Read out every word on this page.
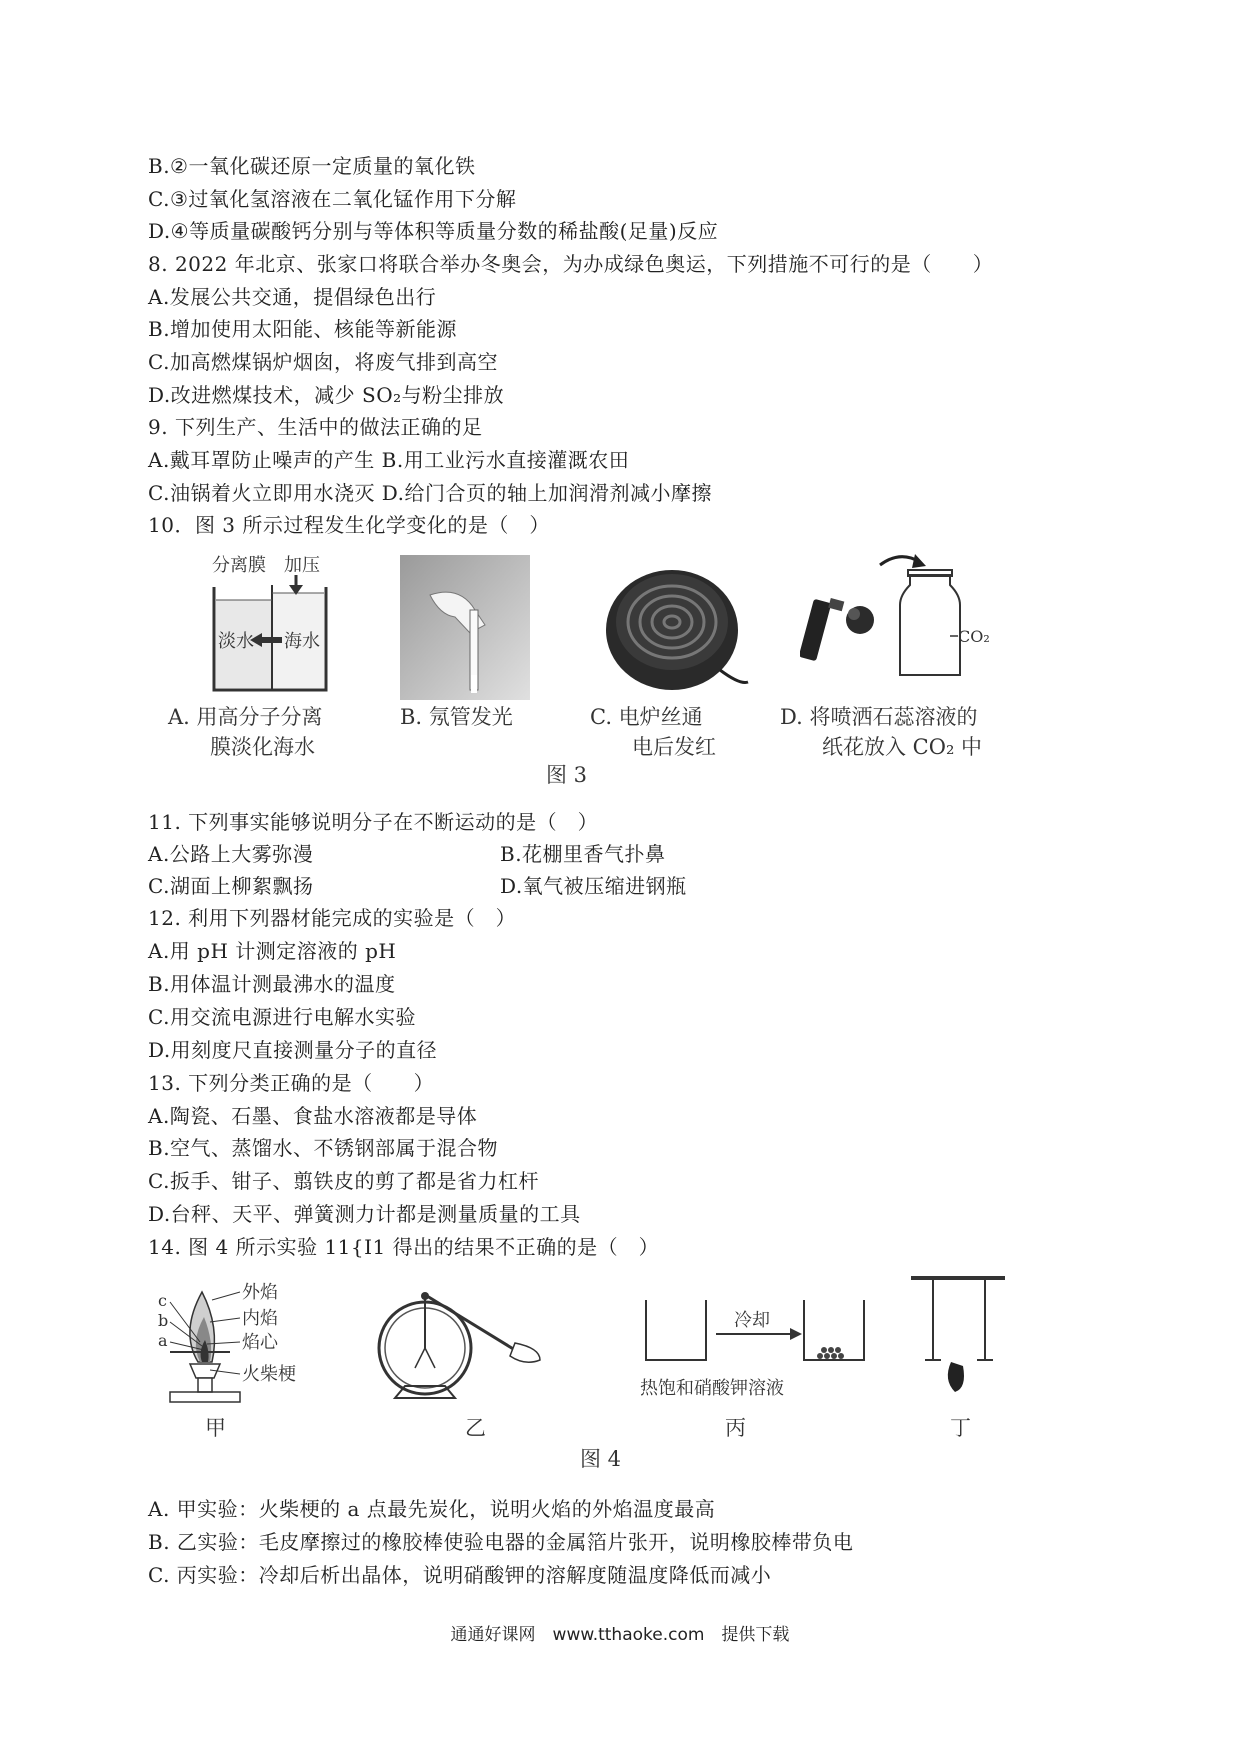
B.②一氧化碳还原一定质量的氧化铁
C.③过氧化氢溶液在二氧化锰作用下分解
D.④等质量碳酸钙分别与等体积等质量分数的稀盐酸(足量)反应
8. 2022 年北京、张家口将联合举办冬奥会，为办成绿色奥运，下列措施不可行的是（　　）
A.发展公共交通，提倡绿色出行
B.增加使用太阳能、核能等新能源
C.加高燃煤锅炉烟囱，将废气排到高空
D.改进燃煤技术，减少 SO₂与粉尘排放
9. 下列生产、生活中的做法正确的足
A.戴耳罩防止噪声的产生 B.用工业污水直接灌溉农田
C.油锅着火立即用水浇灭 D.给门合页的轴上加润滑剂减小摩擦
10．图 3 所示过程发生化学变化的是（　）
分离膜 加压
淡水 海水	CO₂
A. 用高分子分离
膜淡化海水
B. 氖管发光	C. 电炉丝通
电后发红
D. 将喷洒石蕊溶液的
纸花放入 CO₂ 中
图 3
11. 下列事实能够说明分子在不断运动的是（　）
A.公路上大雾弥漫	B.花棚里香气扑鼻
C.湖面上柳絮飘扬	D.氧气被压缩进钢瓶
12. 利用下列器材能完成的实验是（　）
A.用 pH 计测定溶液的 pH
B.用体温计测最沸水的温度
C.用交流电源进行电解水实验
D.用刻度尺直接测量分子的直径
13. 下列分类正确的是（　　）
A.陶瓷、石墨、食盐水溶液都是导体
B.空气、蒸馏水、不锈钢部属于混合物
C.扳手、钳子、翦铁皮的剪了都是省力杠杆
D.台秤、天平、弹簧测力计都是测量质量的工具
14. 图 4 所示实验 11{I1 得出的结果不正确的是（　）
c
b
a
外焰
内焰
焰心
火柴梗
冷却
热饱和硝酸钾溶液
甲	乙	丙	丁
图 4
A. 甲实验：火柴梗的 a 点最先炭化，说明火焰的外焰温度最高
B. 乙实验：毛皮摩擦过的橡胶棒使验电器的金属箔片张开，说明橡胶棒带负电
C. 丙实验：冷却后析出晶体，说明硝酸钾的溶解度随温度降低而减小
通通好课网　www.tthaoke.com　提供下载
